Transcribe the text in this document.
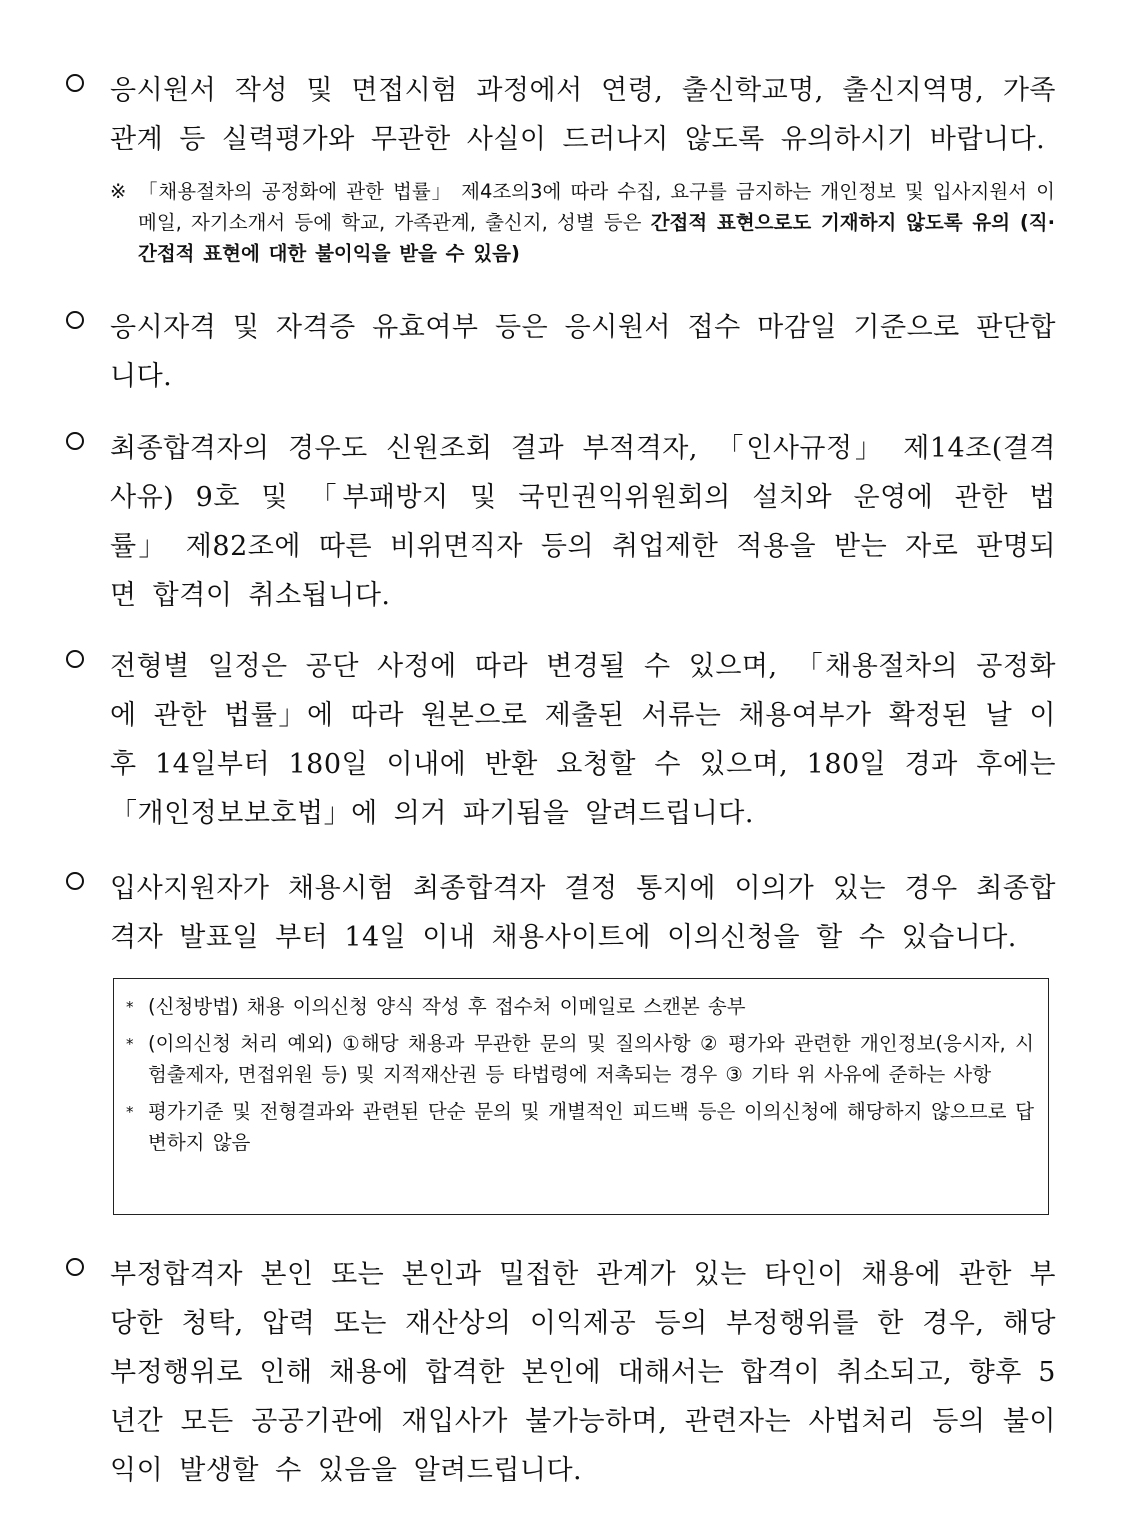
응시원서 작성 및 면접시험 과정에서 연령, 출신학교명, 출신지역명, 가족관계 등 실력평가와 무관한 사실이 드러나지 않도록 유의하시기 바랍니다.
※ 「채용절차의 공정화에 관한 법률」 제4조의3에 따라 수집, 요구를 금지하는 개인정보 및 입사지원서 이메일, 자기소개서 등에 학교, 가족관계, 출신지, 성별 등은 간접적 표현으로도 기재하지 않도록 유의 (직·간접적 표현에 대한 불이익을 받을 수 있음)
응시자격 및 자격증 유효여부 등은 응시원서 접수 마감일 기준으로 판단합니다.
최종합격자의 경우도 신원조회 결과 부적격자, 「인사규정」 제14조(결격사유) 9호 및 「부패방지 및 국민권익위원회의 설치와 운영에 관한 법률」 제82조에 따른 비위면직자 등의 취업제한 적용을 받는 자로 판명되면 합격이 취소됩니다.
전형별 일정은 공단 사정에 따라 변경될 수 있으며, 「채용절차의 공정화에 관한 법률」에 따라 원본으로 제출된 서류는 채용여부가 확정된 날 이후 14일부터 180일 이내에 반환 요청할 수 있으며, 180일 경과 후에는 「개인정보보호법」에 의거 파기됨을 알려드립니다.
입사지원자가 채용시험 최종합격자 결정 통지에 이의가 있는 경우 최종합격자 발표일 부터 14일 이내 채용사이트에 이의신청을 할 수 있습니다.
* (신청방법) 채용 이의신청 양식 작성 후 접수처 이메일로 스캔본 송부
* (이의신청 처리 예외) ①해당 채용과 무관한 문의 및 질의사항 ② 평가와 관련한 개인정보(응시자, 시험출제자, 면접위원 등) 및 지적재산권 등 타법령에 저촉되는 경우 ③ 기타 위 사유에 준하는 사항
* 평가기준 및 전형결과와 관련된 단순 문의 및 개별적인 피드백 등은 이의신청에 해당하지 않으므로 답변하지 않음
부정합격자 본인 또는 본인과 밀접한 관계가 있는 타인이 채용에 관한 부당한 청탁, 압력 또는 재산상의 이익제공 등의 부정행위를 한 경우, 해당 부정행위로 인해 채용에 합격한 본인에 대해서는 합격이 취소되고, 향후 5년간 모든 공공기관에 재입사가 불가능하며, 관련자는 사법처리 등의 불이익이 발생할 수 있음을 알려드립니다.
